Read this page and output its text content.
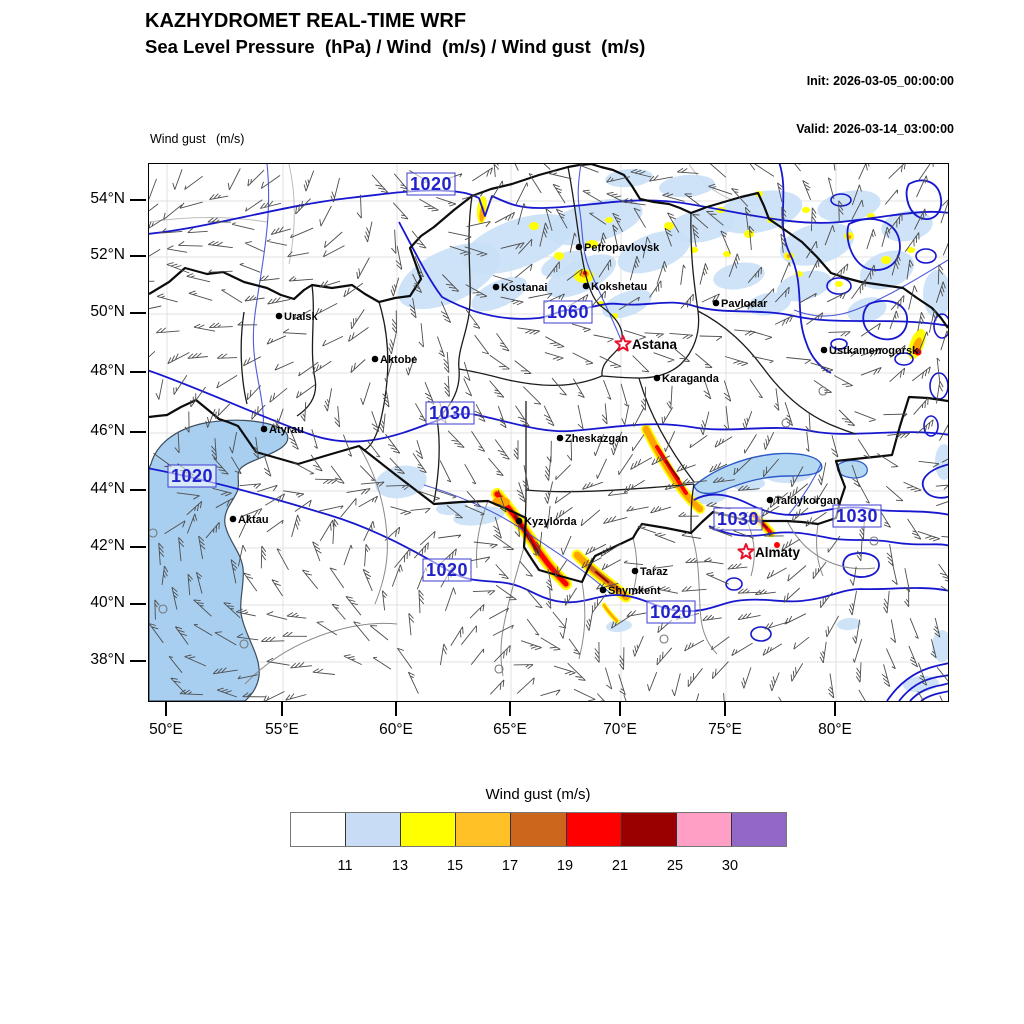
KAZHYDROMET REAL-TIME WRF
Sea Level Pressure  (hPa) / Wind  (m/s) / Wind gust  (m/s)

Init: 2026-03-05_00:00:00

Valid: 2026-03-14_03:00:00

Wind gust   (m/s)

1020
1060
1030
1020
1020
1020
1030	1030
Petropavlovsk
Kostanai	Kokshetau
Pavlodar
Astana
Uralsk
Aktobe
Atyrau
Aktau
Karaganda
Zheskazgan
Kyzylorda
Ustkamenogorsk
Taldykorgan
Almaty
Taraz
Shymkent
54°N
52°N
50°N
48°N
46°N
44°N
42°N
40°N
38°N
50°E	55°E	60°E	65°E	70°E	75°E	80°E
Wind gust (m/s)
11	13	15	17	19	21	25	30
